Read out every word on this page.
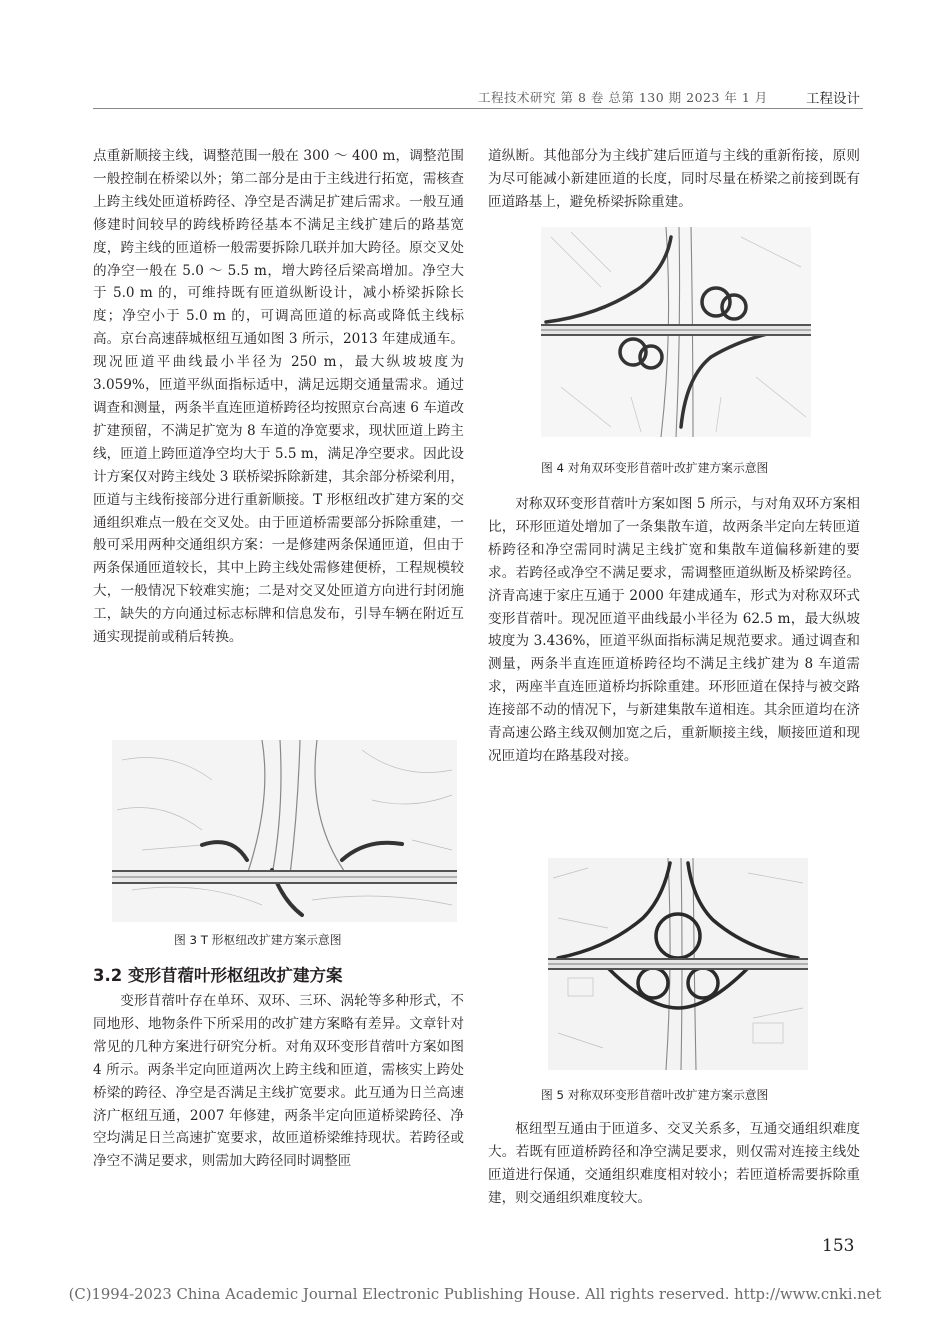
工程技术研究 第 8 卷 总第 130 期 2023 年 1 月	工程设计

点重新顺接主线，调整范围一般在 300 ～ 400 m，调整范围一般控制在桥梁以外；第二部分是由于主线进行拓宽，需核查上跨主线处匝道桥跨径、净空是否满足扩建后需求。一般互通修建时间较早的跨线桥跨径基本不满足主线扩建后的路基宽度，跨主线的匝道桥一般需要拆除几联并加大跨径。原交叉处的净空一般在 5.0 ～ 5.5 m，增大跨径后梁高增加。净空大于 5.0 m 的，可维持既有匝道纵断设计，减小桥梁拆除长度；净空小于 5.0 m 的，可调高匝道的标高或降低主线标高。京台高速薛城枢纽互通如图 3 所示，2013 年建成通车。现况匝道平曲线最小半径为 250 m，最大纵坡坡度为 3.059%，匝道平纵面指标适中，满足远期交通量需求。通过调查和测量，两条半直连匝道桥跨径均按照京台高速 6 车道改扩建预留，不满足扩宽为 8 车道的净宽要求，现状匝道上跨主线，匝道上跨匝道净空均大于 5.5 m，满足净空要求。因此设计方案仅对跨主线处 3 联桥梁拆除新建，其余部分桥梁利用，匝道与主线衔接部分进行重新顺接。T 形枢纽改扩建方案的交通组织难点一般在交叉处。由于匝道桥需要部分拆除重建，一般可采用两种交通组织方案：一是修建两条保通匝道，但由于两条保通匝道较长，其中上跨主线处需修建便桥，工程规模较大，一般情况下较难实施；二是对交叉处匝道方向进行封闭施工，缺失的方向通过标志标牌和信息发布，引导车辆在附近互通实现提前或稍后转换。

图 3 T 形枢纽改扩建方案示意图
3.2 变形苜蓿叶形枢纽改扩建方案

变形苜蓿叶存在单环、双环、三环、涡轮等多种形式，不同地形、地物条件下所采用的改扩建方案略有差异。文章针对常见的几种方案进行研究分析。对角双环变形苜蓿叶方案如图 4 所示。两条半定向匝道两次上跨主线和匝道，需核实上跨处桥梁的跨径、净空是否满足主线扩宽要求。此互通为日兰高速济广枢纽互通，2007 年修建，两条半定向匝道桥梁跨径、净空均满足日兰高速扩宽要求，故匝道桥梁维持现状。若跨径或净空不满足要求，则需加大跨径同时调整匝

道纵断。其他部分为主线扩建后匝道与主线的重新衔接，原则为尽可能减小新建匝道的长度，同时尽量在桥梁之前接到既有匝道路基上，避免桥梁拆除重建。

图 4 对角双环变形苜蓿叶改扩建方案示意图

对称双环变形苜蓿叶方案如图 5 所示，与对角双环方案相比，环形匝道处增加了一条集散车道，故两条半定向左转匝道桥跨径和净空需同时满足主线扩宽和集散车道偏移新建的要求。若跨径或净空不满足要求，需调整匝道纵断及桥梁跨径。济青高速于家庄互通于 2000 年建成通车，形式为对称双环式变形苜蓿叶。现况匝道平曲线最小半径为 62.5 m，最大纵坡坡度为 3.436%，匝道平纵面指标满足规范要求。通过调查和测量，两条半直连匝道桥跨径均不满足主线扩建为 8 车道需求，两座半直连匝道桥均拆除重建。环形匝道在保持与被交路连接部不动的情况下，与新建集散车道相连。其余匝道均在济青高速公路主线双侧加宽之后，重新顺接主线，顺接匝道和现况匝道均在路基段对接。

图 5 对称双环变形苜蓿叶改扩建方案示意图

枢纽型互通由于匝道多、交叉关系多，互通交通组织难度大。若既有匝道桥跨径和净空满足要求，则仅需对连接主线处匝道进行保通，交通组织难度相对较小；若匝道桥需要拆除重建，则交通组织难度较大。

153
(C)1994-2023 China Academic Journal Electronic Publishing House. All rights reserved. http://www.cnki.net
